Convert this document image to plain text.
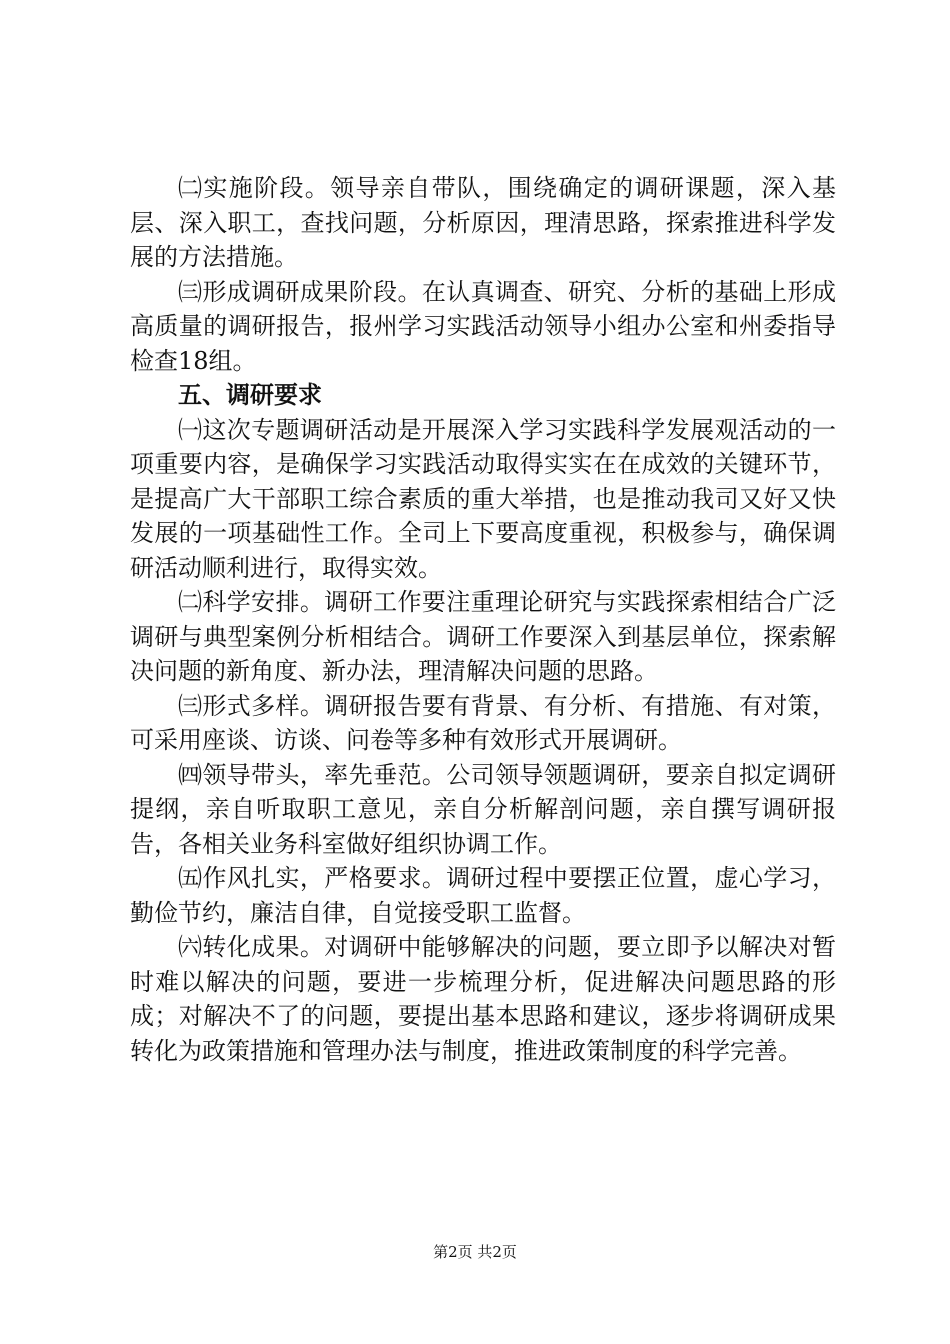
㈡实施阶段。领导亲自带队，围绕确定的调研课题，深入基层、深入职工，查找问题，分析原因，理清思路，探索推进科学发展的方法措施。

㈢形成调研成果阶段。在认真调查、研究、分析的基础上形成高质量的调研报告，报州学习实践活动领导小组办公室和州委指导检查18组。

五、调研要求

㈠这次专题调研活动是开展深入学习实践科学发展观活动的一项重要内容，是确保学习实践活动取得实实在在成效的关键环节，是提高广大干部职工综合素质的重大举措，也是推动我司又好又快发展的一项基础性工作。全司上下要高度重视，积极参与，确保调研活动顺利进行，取得实效。

㈡科学安排。调研工作要注重理论研究与实践探索相结合广泛调研与典型案例分析相结合。调研工作要深入到基层单位，探索解决问题的新角度、新办法，理清解决问题的思路。

㈢形式多样。调研报告要有背景、有分析、有措施、有对策，可采用座谈、访谈、问卷等多种有效形式开展调研。

㈣领导带头，率先垂范。公司领导领题调研，要亲自拟定调研提纲，亲自听取职工意见，亲自分析解剖问题，亲自撰写调研报告，各相关业务科室做好组织协调工作。

㈤作风扎实，严格要求。调研过程中要摆正位置，虚心学习，勤俭节约，廉洁自律，自觉接受职工监督。

㈥转化成果。对调研中能够解决的问题，要立即予以解决对暂时难以解决的问题，要进一步梳理分析，促进解决问题思路的形成；对解决不了的问题，要提出基本思路和建议，逐步将调研成果转化为政策措施和管理办法与制度，推进政策制度的科学完善。

第2页 共2页
